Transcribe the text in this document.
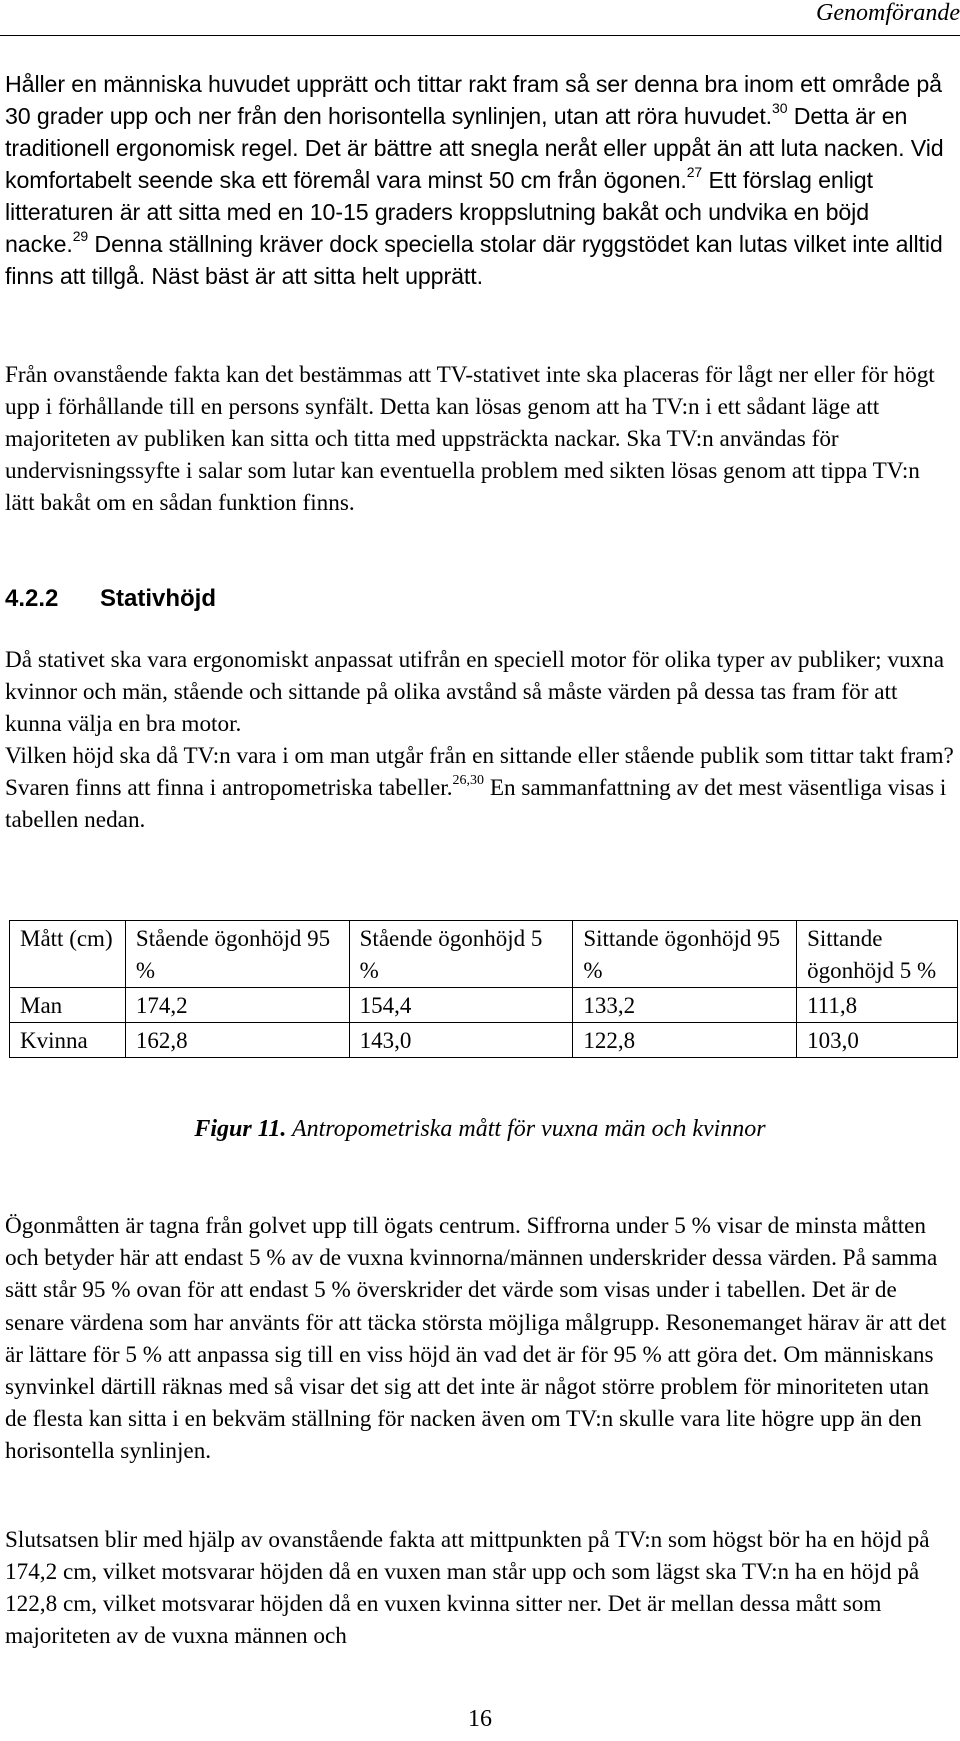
Genomförande
Håller en människa huvudet upprätt och tittar rakt fram så ser denna bra inom ett område på 30 grader upp och ner från den horisontella synlinjen, utan att röra huvudet.$^{30}$ Detta är en traditionell ergonomisk regel. Det är bättre att snegla neråt eller uppåt än att luta nacken. Vid komfortabelt seende ska ett föremål vara minst 50 cm från ögonen.$^{27}$ Ett förslag enligt litteraturen är att sitta med en 10-15 graders kroppslutning bakåt och undvika en böjd nacke.$^{29}$ Denna ställning kräver dock speciella stolar där ryggstödet kan lutas vilket inte alltid finns att tillgå. Näst bäst är att sitta helt upprätt.
Från ovanstående fakta kan det bestämmas att TV-stativet inte ska placeras för lågt ner eller för högt upp i förhållande till en persons synfält. Detta kan lösas genom att ha TV:n i ett sådant läge att majoriteten av publiken kan sitta och titta med uppsträckta nackar. Ska TV:n användas för undervisningssyfte i salar som lutar kan eventuella problem med sikten lösas genom att tippa TV:n lätt bakåt om en sådan funktion finns.
4.2.2 Stativhöjd

Då stativet ska vara ergonomiskt anpassat utifrån en speciell motor för olika typer av publiker; vuxna kvinnor och män, stående och sittande på olika avstånd så måste värden på dessa tas fram för att kunna välja en bra motor.

Vilken höjd ska då TV:n vara i om man utgår från en sittande eller stående publik som tittar takt fram?

Svaren finns att finna i antropometriska tabeller.$^{26,30}$ En sammanfattning av det mest väsentliga visas i tabellen nedan.

Mått (cm)	Stående ögonhöjd 95 %	Stående ögonhöjd 5 %	Sittande ögonhöjd 95 %	Sittande ögonhöjd 5 %
Man	174,2	154,4	133,2	111,8
Kvinna	162,8	143,0	122,8	103,0
Figur 11. Antropometriska mått för vuxna män och kvinnor
Ögonmåtten är tagna från golvet upp till ögats centrum. Siffrorna under 5 % visar de minsta måtten och betyder här att endast 5 % av de vuxna kvinnorna/männen underskrider dessa värden. På samma sätt står 95 % ovan för att endast 5 % överskrider det värde som visas under i tabellen. Det är de senare värdena som har använts för att täcka största möjliga målgrupp. Resonemanget härav är att det är lättare för 5 % att anpassa sig till en viss höjd än vad det är för 95 % att göra det. Om människans synvinkel därtill räknas med så visar det sig att det inte är något större problem för minoriteten utan de flesta kan sitta i en bekväm ställning för nacken även om TV:n skulle vara lite högre upp än den horisontella synlinjen.
Slutsatsen blir med hjälp av ovanstående fakta att mittpunkten på TV:n som högst bör ha en höjd på 174,2 cm, vilket motsvarar höjden då en vuxen man står upp och som lägst ska TV:n ha en höjd på 122,8 cm, vilket motsvarar höjden då en vuxen kvinna sitter ner. Det är mellan dessa mått som majoriteten av de vuxna männen och
16
